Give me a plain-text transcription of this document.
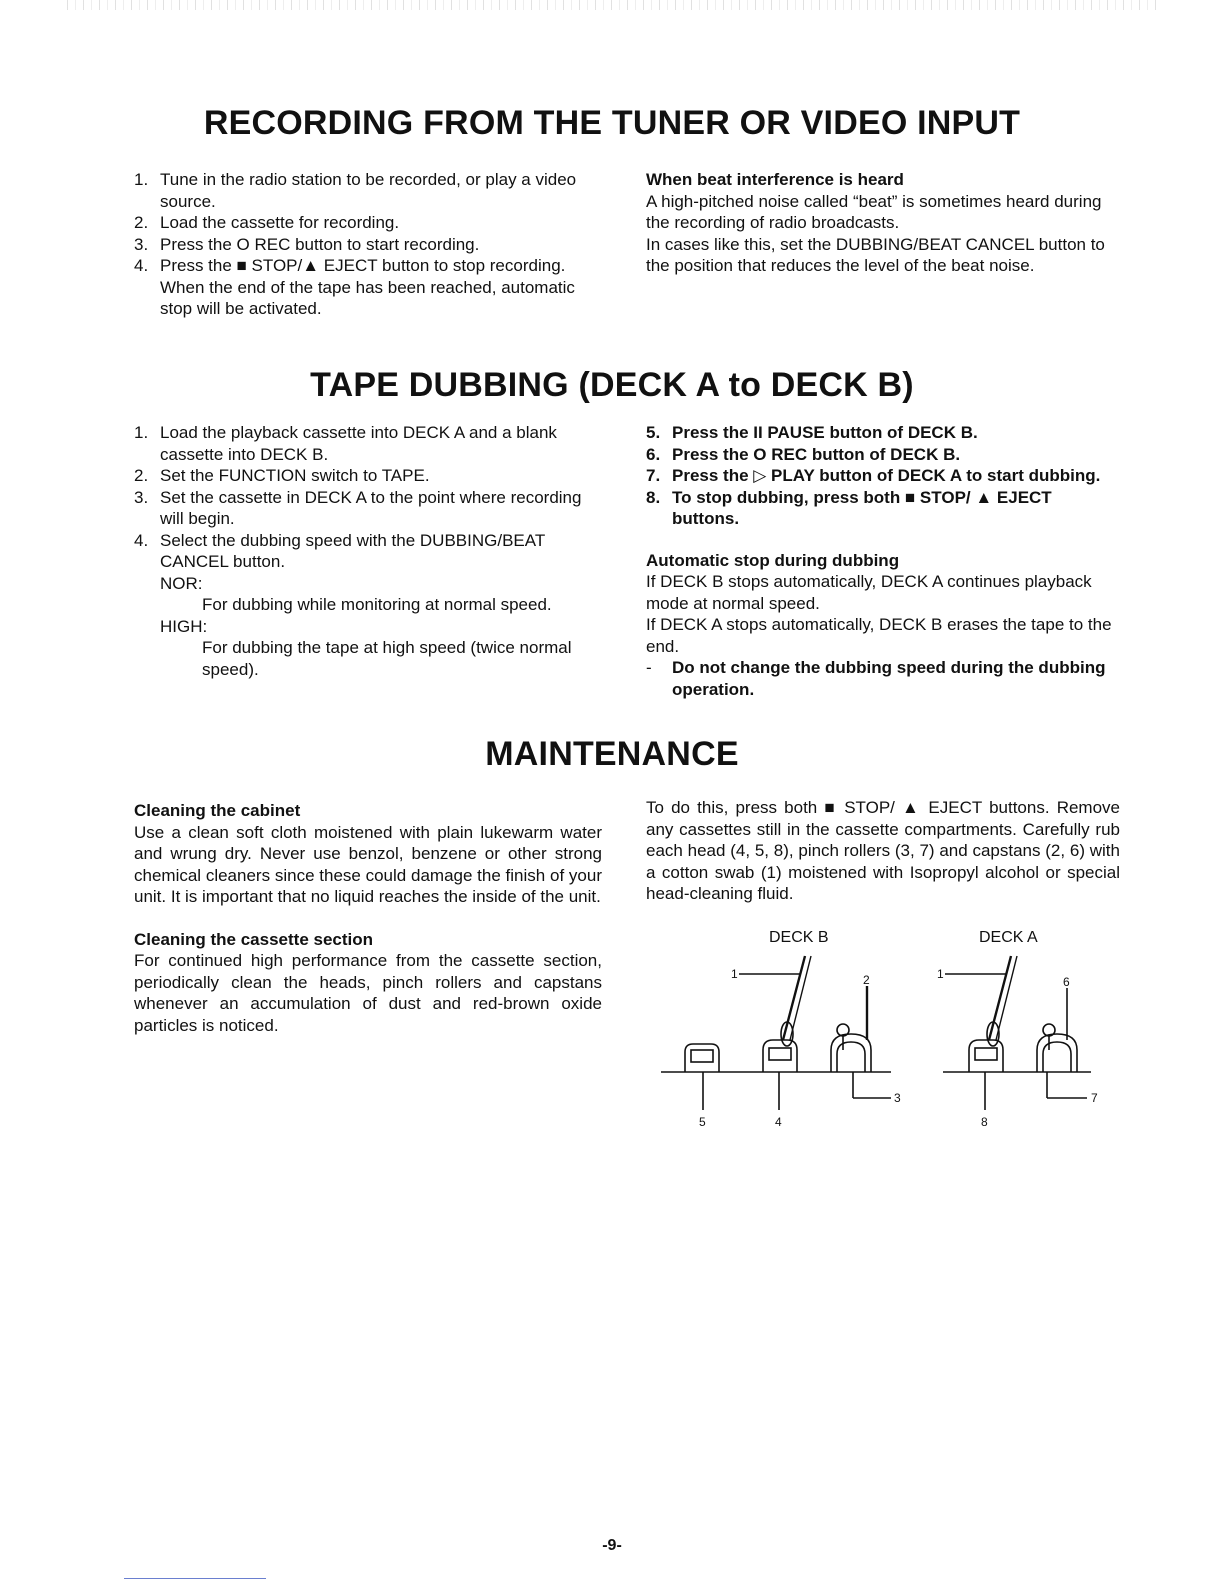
RECORDING FROM THE TUNER OR VIDEO INPUT
1. Tune in the radio station to be recorded, or play a video source.
2. Load the cassette for recording.
3. Press the O REC button to start recording.
4. Press the ■ STOP/▲ EJECT button to stop recording. When the end of the tape has been reached, automatic stop will be activated.

When beat interference is heard

A high-pitched noise called “beat” is sometimes heard during the recording of radio broadcasts.

In cases like this, set the DUBBING/BEAT CANCEL button to the position that reduces the level of the beat noise.

TAPE DUBBING (DECK A to DECK B)
1. Load the playback cassette into DECK A and a blank cassette into DECK B.
2. Set the FUNCTION switch to TAPE.
3. Set the cassette in DECK A to the point where recording will begin.
4. Select the dubbing speed with the DUBBING/BEAT CANCEL button.
NOR:
For dubbing while monitoring at normal speed.
HIGH:
For dubbing the tape at high speed (twice normal speed).
5. Press the II PAUSE button of DECK B.
6. Press the O REC button of DECK B.
7. Press the ▷ PLAY button of DECK A to start dubbing.
8. To stop dubbing, press both ■ STOP/ ▲ EJECT buttons.

Automatic stop during dubbing

If DECK B stops automatically, DECK A continues playback mode at normal speed.

If DECK A stops automatically, DECK B erases the tape to the end.

- Do not change the dubbing speed during the dubbing operation.
MAINTENANCE

Cleaning the cabinet

Use a clean soft cloth moistened with plain lukewarm water and wrung dry. Never use benzol, benzene or other strong chemical cleaners since these could damage the finish of your unit. It is important that no liquid reaches the inside of the unit.

Cleaning the cassette section

For continued high performance from the cassette section, periodically clean the heads, pinch rollers and capstans whenever an accumulation of dust and red-brown oxide particles is noticed.

To do this, press both ■ STOP/ ▲ EJECT buttons. Remove any cassettes still in the cassette compartments. Carefully rub each head (4, 5, 8), pinch rollers (3, 7) and capstans (2, 6) with a cotton swab (1) moistened with Isopropyl alcohol or special head-cleaning fluid.

DECK B	DECK A
1	2
3
4
5
1
6
7
8
-9-
